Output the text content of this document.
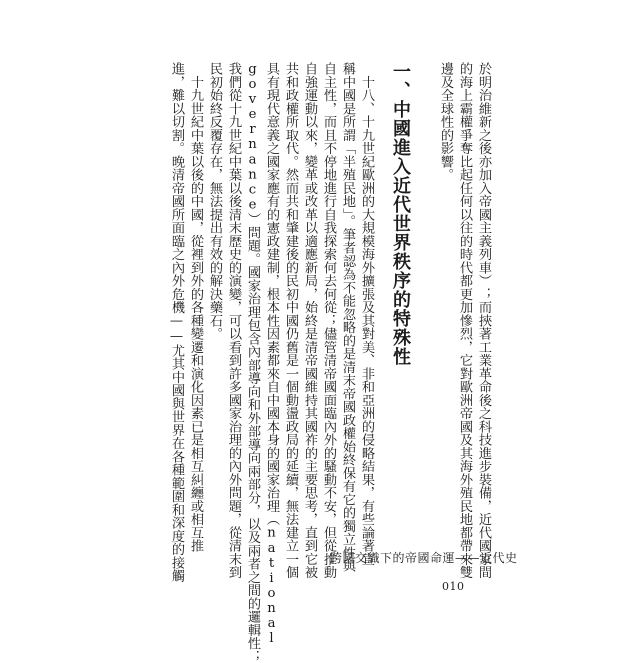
於明治維新之後亦加入帝國主義列車）；而挾著工業革命後之科技進步裝備，近代國家間
的海上霸權爭奪比起任何以往的時代都更加慘烈，它對歐洲帝國及其海外殖民地都帶來雙
邊及全球性的影響。
一、中國進入近代世界秩序的特殊性
　十八、十九世紀歐洲的大規模海外擴張及其對美、非和亞洲的侵略結果，有些論著宣
稱中國是所謂「半殖民地」。筆者認為不能忽略的是清末帝國政權始終保有它的獨立性與
自主性，而且不停地進行自我探索何去何從；儘管清帝國面臨內外的騷動不安，但從推動
自強運動以來，變革或改革以適應新局，始終是清帝國維持其國祚的主要思考，直到它被
共和政權所取代。然而共和肇建後的民初中國仍舊是一個動盪政局的延續，無法建立一個
具有現代意義之國家應有的憲政建制，根本性因素都來自中國本身的國家治理（national
governance）問題。國家治理包含內部導向和外部導向兩部分，以及兩者之間的邏輯性；
我們從十九世紀中葉以後清末歷史的演變，可以看到許多國家治理的內外問題，從清末到
民初始終反覆存在，無法提出有效的解決藥石。
　十九世紀中葉以後的中國，從裡到外的各種變遷和演化因素已是相互糾纏或相互推
進，難以切割。晚清帝國所面臨之內外危機——尤其中國與世界在各種範圍和深度的接觸	跨國交織下的帝國命運——近代史
010
